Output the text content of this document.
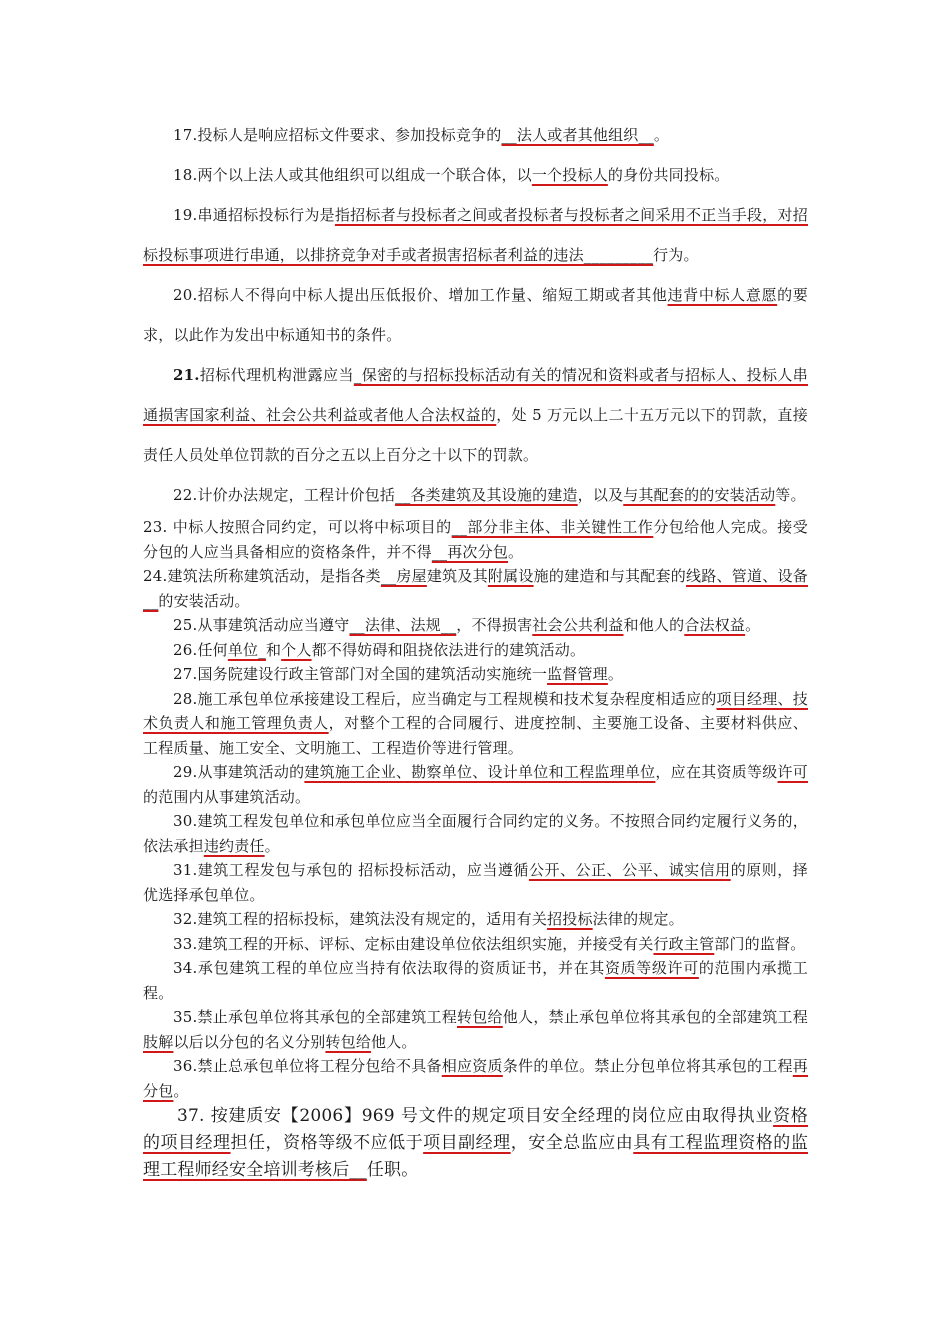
17.投标人是响应招标文件要求、参加投标竞争的__法人或者其他组织__。

18.两个以上法人或其他组织可以组成一个联合体，以一个投标人的身份共同投标。

19.串通招标投标行为是指招标者与投标者之间或者投标者与投标者之间采用不正当手段，对招标投标事项进行串通，以排挤竞争对手或者损害招标者利益的违法_________行为。

20.招标人不得向中标人提出压低报价、增加工作量、缩短工期或者其他违背中标人意愿的要求，以此作为发出中标通知书的条件。

21.招标代理机构泄露应当_保密的与招标投标活动有关的情况和资料或者与招标人、投标人串通损害国家利益、社会公共利益或者他人合法权益的，处 5 万元以上二十五万元以下的罚款，直接责任人员处单位罚款的百分之五以上百分之十以下的罚款。

22.计价办法规定，工程计价包括__各类建筑及其设施的建造，以及与其配套的的安装活动等。

23. 中标人按照合同约定，可以将中标项目的__部分非主体、非关键性工作分包给他人完成。接受分包的人应当具备相应的资格条件，并不得__再次分包。

24.建筑法所称建筑活动，是指各类__房屋建筑及其附属设施的建造和与其配套的线路、管道、设备__的安装活动。

25.从事建筑活动应当遵守__法律、法规__，不得损害社会公共利益和他人的合法权益。

26.任何单位_和个人都不得妨碍和阻挠依法进行的建筑活动。

27.国务院建设行政主管部门对全国的建筑活动实施统一监督管理。

28.施工承包单位承接建设工程后，应当确定与工程规模和技术复杂程度相适应的项目经理、技术负责人和施工管理负责人，对整个工程的合同履行、进度控制、主要施工设备、主要材料供应、工程质量、施工安全、文明施工、工程造价等进行管理。

29.从事建筑活动的建筑施工企业、勘察单位、设计单位和工程监理单位，应在其资质等级许可的范围内从事建筑活动。

30.建筑工程发包单位和承包单位应当全面履行合同约定的义务。不按照合同约定履行义务的，依法承担违约责任。

31.建筑工程发包与承包的 招标投标活动，应当遵循公开、公正、公平、诚实信用的原则，择优选择承包单位。

32.建筑工程的招标投标，建筑法没有规定的，适用有关招投标法律的规定。

33.建筑工程的开标、评标、定标由建设单位依法组织实施，并接受有关行政主管部门的监督。

34.承包建筑工程的单位应当持有依法取得的资质证书，并在其资质等级许可的范围内承揽工程。

35.禁止承包单位将其承包的全部建筑工程转包给他人，禁止承包单位将其承包的全部建筑工程肢解以后以分包的名义分别转包给他人。

36.禁止总承包单位将工程分包给不具备相应资质条件的单位。禁止分包单位将其承包的工程再分包。

37. 按建质安【2006】969 号文件的规定项目安全经理的岗位应由取得执业资格的项目经理担任，资格等级不应低于项目副经理，安全总监应由具有工程监理资格的监理工程师经安全培训考核后__任职。
